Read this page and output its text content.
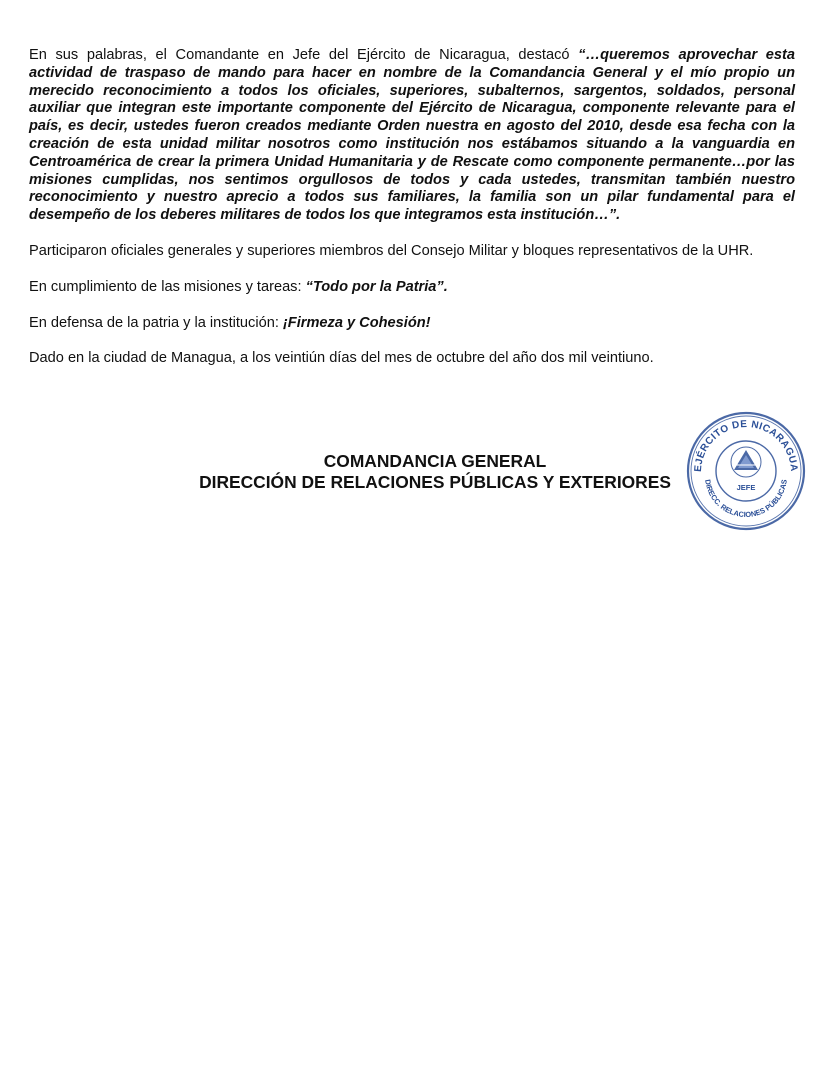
En sus palabras, el Comandante en Jefe del Ejército de Nicaragua, destacó “…queremos aprovechar esta actividad de traspaso de mando para hacer en nombre de la Comandancia General y el mío propio un merecido reconocimiento a todos los oficiales, superiores, subalternos, sargentos, soldados, personal auxiliar que integran este importante componente del Ejército de Nicaragua, componente relevante para el país, es decir, ustedes fueron creados mediante Orden nuestra en agosto del 2010, desde esa fecha con la creación de esta unidad militar nosotros como institución nos estábamos situando a la vanguardia en Centroamérica de crear la primera Unidad Humanitaria y de Rescate como componente permanente…por las misiones cumplidas, nos sentimos orgullosos de todos y cada ustedes, transmitan también nuestro reconocimiento y nuestro aprecio a todos sus familiares, la familia son un pilar fundamental para el desempeño de los deberes militares de todos los que integramos esta institución…”.

Participaron oficiales generales y superiores miembros del Consejo Militar y bloques representativos de la UHR.

En cumplimiento de las misiones y tareas: “Todo por la Patria”.

En defensa de la patria y la institución: ¡Firmeza y Cohesión!

Dado en la ciudad de Managua, a los veintiún días del mes de octubre del año dos mil veintiuno.

COMANDANCIA GENERAL
DIRECCIÓN DE RELACIONES PÚBLICAS Y EXTERIORES
EJÉRCITO DE NICARAGUA
DIRECC. RELACIONES PÚBLICAS
JEFE
